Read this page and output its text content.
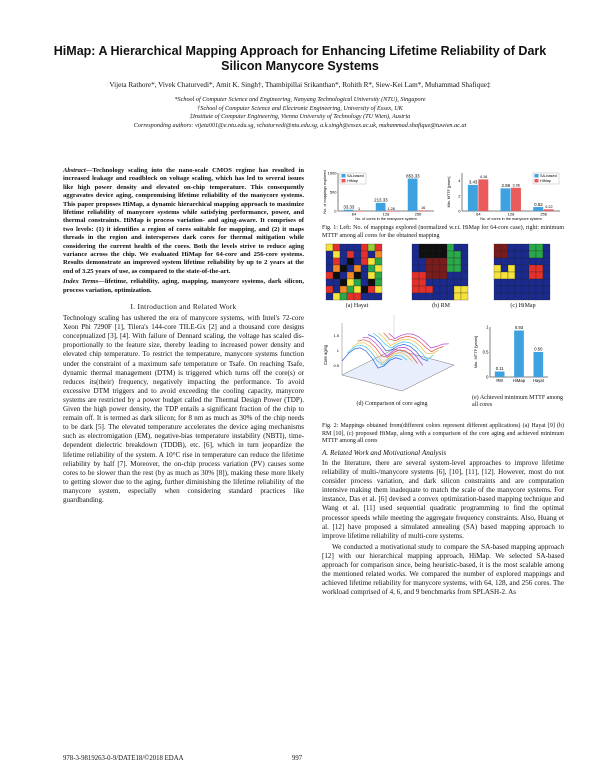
HiMap: A Hierarchical Mapping Approach for Enhancing Lifetime Reliability of Dark Silicon Manycore Systems
Vijeta Rathore*, Vivek Chaturvedi*, Amit K. Singh†, Thambipillai Srikanthan*, Rohith R*, Siew-Kei Lam*, Muhammad Shafique‡
*School of Computer Science and Engineering, Nanyang Technological University (NTU), Singapore
†School of Computer Science and Electronic Engineering, University of Essex, UK
‡Institute of Computer Engineering, Vienna University of Technology (TU Wien), Austria
Corresponding authors: vijeta001@e.ntu.edu.sg, vchaturvedi@ntu.edu.sg, a.k.singh@essex.ac.uk, muhammad.shafique@tuwien.ac.at

Abstract—Technology scaling into the nano-scale CMOS regime has resulted in increased leakage and roadblock on voltage scaling, which has led to several issues like high power density and elevated on-chip temperature. This consequently aggravates device aging, compromising lifetime reliability of the manycore systems. This paper proposes HiMap, a dynamic hierarchical mapping approach to maximize lifetime reliability of manycore systems while satisfying performance, power, and thermal constraints. HiMap is process variation- and aging-aware. It comprises of two levels: (1) it identifies a region of cores suitable for mapping, and (2) it maps threads in the region and intersperses dark cores for thermal mitigation while considering the current health of the cores. Both the levels strive to reduce aging variance across the chip. We evaluated HiMap for 64-core and 256-core systems. Results demonstrate an improved system lifetime reliability by up to 2 years at the end of 3.25 years of use, as compared to the state-of-the-art.

Index Terms—lifetime, reliability, aging, mapping, manycore systems, dark silicon, process variation, optimization.

I. Introduction and Related Work

Technology scaling has ushered the era of manycore systems, with Intel's 72-core Xeon Phi 7290F [1], Tilera's 144-core TILE-Gx [2] and a thousand core designs conceptualized [3], [4]. With failure of Dennard scaling, the voltage has scaled dis-proportionally to the feature size, thereby leading to increased power density and elevated chip temperature. To restrict the temperature, manycore systems function under the constraint of a maximum safe temperature or Tsafe. On reaching Tsafe, dynamic thermal management (DTM) is triggered which turns off the core(s) or reduces its(their) frequency, negatively impacting the performance. To avoid excessive DTM triggers and to avoid exceeding the cooling capacity, manycore systems are restricted by a power budget called the Thermal Design Power (TDP). Given the high power density, the TDP entails a significant fraction of the chip to remain off. It is termed as dark silicon; for 8 nm as much as 30% of the chip needs to be dark [5]. The elevated temperature accelerates the device aging mechanisms such as electromigation (EM), negative-bias temperature instability (NBTI), time-dependent dielectric breakdown (TDDB), etc. [6], which in turn jeopardize the lifetime reliability of the system. A 10°C rise in temperature can reduce the lifetime reliability by half [7]. Moreover, the on-chip process variation (PV) causes some cores to be slower than the rest (by as much as 30% [8]), making these more likely to getting slower due to the aging, further diminishing the lifetime reliability of the manycore system, especially when considering standard practices like guardbanding.

0
500
1000
33.33 1
64
213.33
1.28
128
853.33
16
256
No. of cores in the manycore system
No. of mappings explored	SA-based
HiMap
0
2
4 3.43
4.16
64
2.98 3.06
128
0.52
0.22
256
No. of cores in the manycore system
Min. MTTF [years]
SA-based
HiMap

Fig. 1: Left: No. of mappings explored (normalized w.r.t. HiMap for 64-core case), right: minimum MTTF among all cores for the obtained mapping

(a) Hayat	(b) RM	(c) HiMap
0.5
1
1.5
Core aging
0
0.5
1
0.11
RM
0.93
HiMap
0.50
Hayat
Min. MTTF [years]
(d) Comparison of core aging
(e) Achieved minimum MTTF among all cores

Fig. 2: Mappings obtained from(different colors represent different applications) (a) Hayat [9] (b) RM [10], (c) proposed HiMap, along with a comparison of the core aging and achieved minimum MTTF among all cores

A. Related Work and Motivational Analysis

In the literature, there are several system-level approaches to improve lifetime reliability of multi-/manycore systems [6], [10], [11], [12]. However, most do not consider process variation, and dark silicon constraints and are computation intensive making them inadequate to match the scale of the manycore systems. For instance, Das et al. [6] devised a convex optimization-based mapping technique and Wang et al. [11] used sequential quadratic programming to find the optimal processor speeds while meeting the aggregate frequency constraints. Also, Huang et al. [12] have proposed a simulated annealing (SA) based mapping approach to improve lifetime reliability of multi-core systems.

We conducted a motivational study to compare the SA-based mapping approach [12] with our hierarchical mapping approach, HiMap. We selected SA-based approach for comparison since, being heuristic-based, it is the most scalable among the mentioned related works. We compared the number of explored mappings and achieved lifetime reliability for manycore systems, with 64, 128, and 256 cores. The workload comprised of 4, 6, and 9 benchmarks from SPLASH-2. As

978-3-9819263-0-9/DATE18/©2018 EDAA	997
